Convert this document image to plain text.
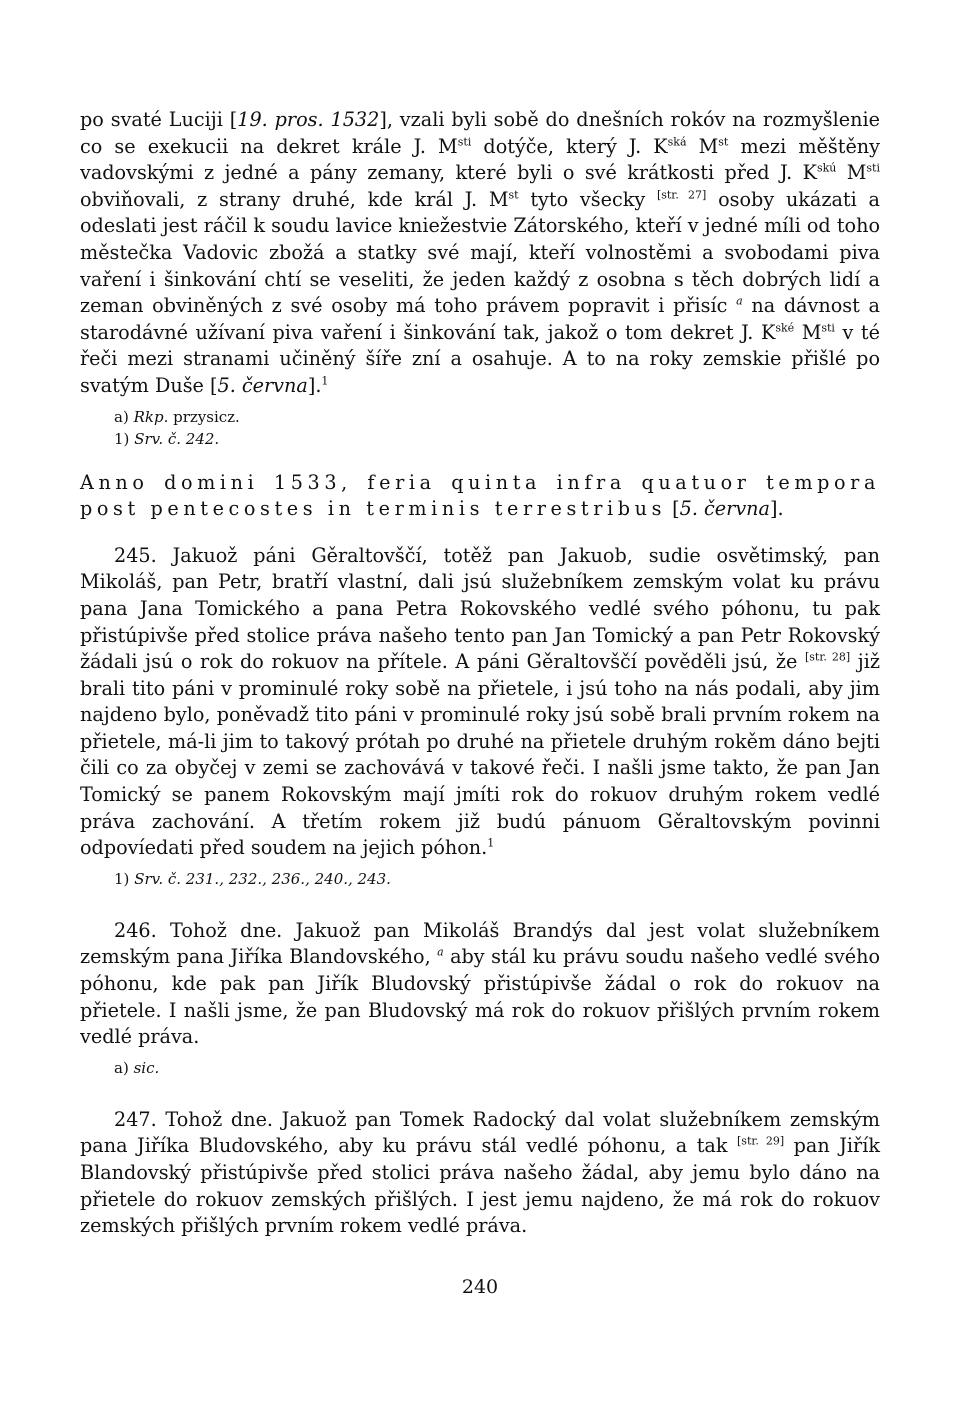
po svaté Luciji [19. pros. 1532], vzali byli sobě do dnešních rokóv na rozmyšlenie co se exekucii na dekret krále J. $M^{sti}$ dotýče, který J. $K^{ská}$ Mst mezi měštěny vadovskými z jedné a pány zemany, které byli o své krátkosti před J. $K^{skú}$ $M^{sti}$ obviňovali, z strany druhé, kde král J. Mst tyto všecky [str. 27] osoby ukázati a odeslati jest ráčil k soudu lavice kniežestvie Zátorského, kteří v jedné míli od toho městečka Vadovic zbožá a statky své mají, kteří volnostěmi a svobodami piva vaření i šinkování chtí se veseliti, že jeden každý z osobna s těch dobrých lidí a zeman obviněných z své osoby má toho právem popravit i přisíc $^a$ na dávnost a starodávné užívaní piva vaření i šinkování tak, jakož o tom dekret J. $K^{ské}$ $M^{sti}$ v té řeči mezi stranami učiněný šíře zní a osahuje. A to na roky zemskie přišlé po svatým Duše [5. června].$^1$

a) Rkp. przysicz.

1) Srv. č. 242.

Anno domini 1533, feria quinta infra quatuor tempora post pentecostes in terminis terrestribus [5. června].

245. Jakuož páni Gěraltovščí, totěž pan Jakuob, sudie osvětimský, pan Mikoláš, pan Petr, bratří vlastní, dali jsú služebníkem zemským volat ku právu pana Jana Tomického a pana Petra Rokovského vedlé svého póhonu, tu pak přistúpivše před stolice práva našeho tento pan Jan Tomický a pan Petr Rokovský žádali jsú o rok do rokuov na přítele. A páni Gěraltovščí pověděli jsú, že [str. 28] již brali tito páni v prominulé roky sobě na přietele, i jsú toho na nás podali, aby jim najdeno bylo, poněvadž tito páni v prominulé roky jsú sobě brali prvním rokem na přietele, má-li jim to takový prótah po druhé na přietele druhým rokěm dáno bejti čili co za obyčej v zemi se zachovává v takové řeči. I našli jsme takto, že pan Jan Tomický se panem Rokovským mají jmíti rok do rokuov druhým rokem vedlé práva zachování. A třetím rokem již budú pánuom Gěraltovským povinni odpovíedati před soudem na jejich póhon.$^1$

1) Srv. č. 231., 232., 236., 240., 243.

246. Tohož dne. Jakuož pan Mikoláš Brandýs dal jest volat služebníkem zemským pana Jiříka Blandovského, $^a$ aby stál ku právu soudu našeho vedlé svého póhonu, kde pak pan Jiřík Bludovský přistúpivše žádal o rok do rokuov na přietele. I našli jsme, že pan Bludovský má rok do rokuov přišlých prvním rokem vedlé práva.

a) sic.

247. Tohož dne. Jakuož pan Tomek Radocký dal volat služebníkem zemským pana Jiříka Bludovského, aby ku právu stál vedlé póhonu, a tak [str. 29] pan Jiřík Blandovský přistúpivše před stolici práva našeho žádal, aby jemu bylo dáno na přietele do rokuov zemských přišlých. I jest jemu najdeno, že má rok do rokuov zemských přišlých prvním rokem vedlé práva.

240
